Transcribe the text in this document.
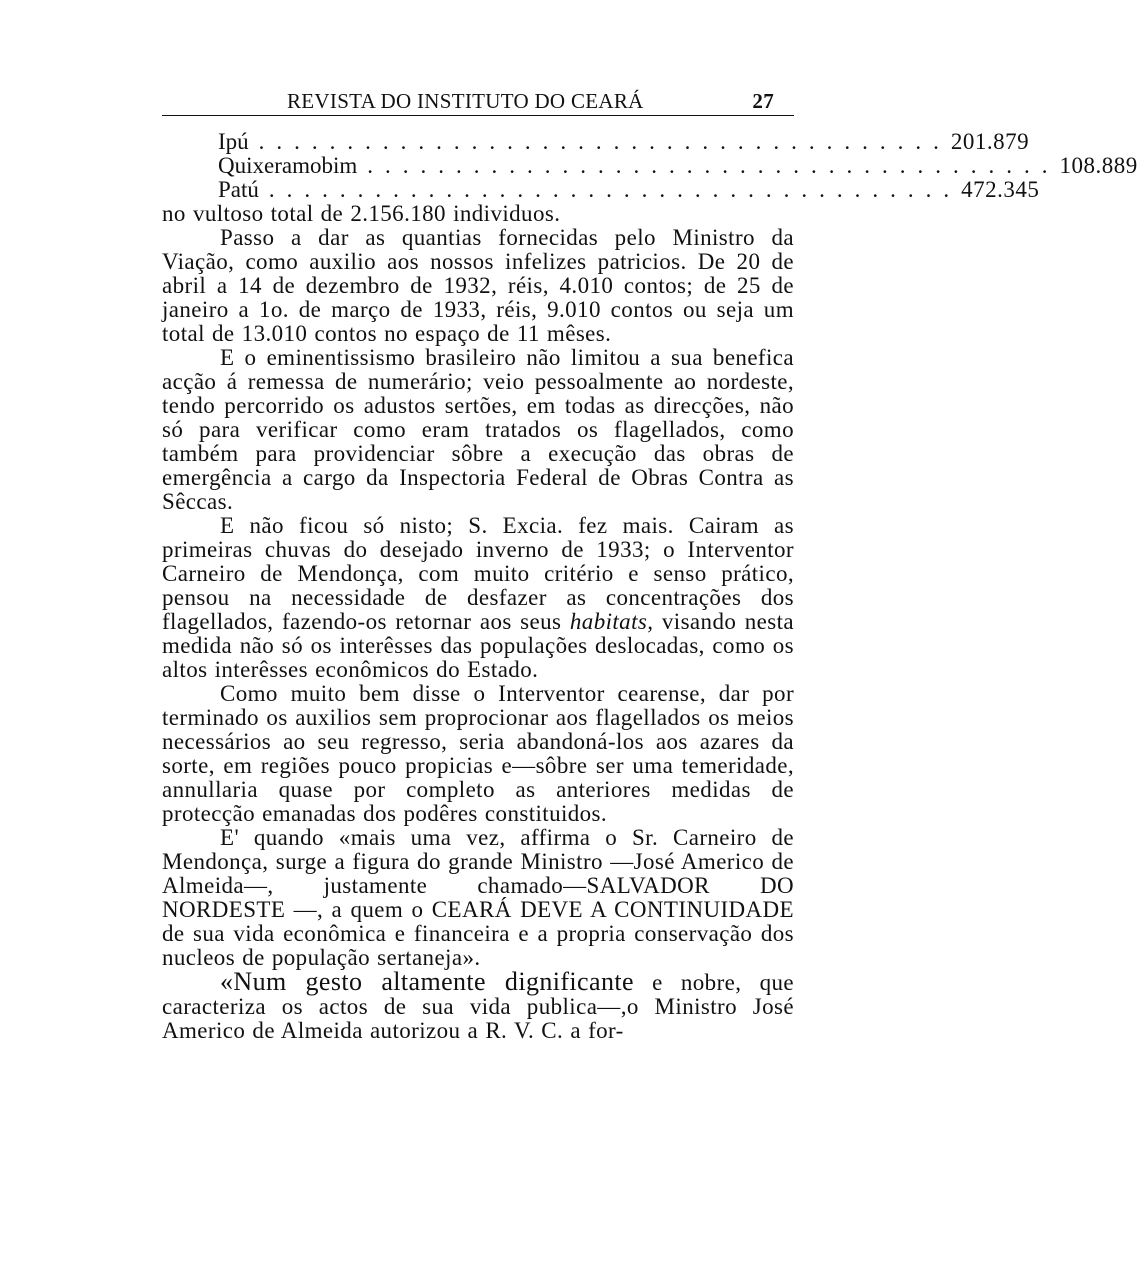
REVISTA DO INSTITUTO DO CEARÁ	27
Ipú ....................................... 201.879
Quixeramobim ....................................... 108.889
Patú ....................................... 472.345

no vultoso total de 2.156.180 individuos.

Passo a dar as quantias fornecidas pelo Ministro da Viação, como auxilio aos nossos infelizes patricios. De 20 de abril a 14 de dezembro de 1932, réis, 4.010 contos; de 25 de janeiro a 1o. de março de 1933, réis, 9.010 contos ou seja um total de 13.010 contos no espaço de 11 mêses.

E o eminentissismo brasileiro não limitou a sua benefica acção á remessa de numerário; veio pessoalmente ao nordeste, tendo percorrido os adustos sertões, em todas as direcções, não só para verificar como eram tratados os flagellados, como também para providenciar sôbre a execução das obras de emergência a cargo da Inspectoria Federal de Obras Contra as Sêccas.

E não ficou só nisto; S. Excia. fez mais. Cairam as primeiras chuvas do desejado inverno de 1933; o Interventor Carneiro de Mendonça, com muito critério e senso prático, pensou na necessidade de desfazer as concentrações dos flagellados, fazendo-os retornar aos seus habitats, visando nesta medida não só os interêsses das populações deslocadas, como os altos interêsses econômicos do Estado.

Como muito bem disse o Interventor cearense, dar por terminado os auxilios sem proprocionar aos flagellados os meios necessários ao seu regresso, seria abandoná-los aos azares da sorte, em regiões pouco propicias e—sôbre ser uma temeridade, annullaria quase por completo as anteriores medidas de protecção emanadas dos podêres constituidos.

E' quando «mais uma vez, affirma o Sr. Carneiro de Mendonça, surge a figura do grande Ministro —José Americo de Almeida—, justamente chamado—SALVADOR DO NORDESTE —, a quem o CEARÁ DEVE A CONTINUIDADE de sua vida econômica e financeira e a propria conservação dos nucleos de população sertaneja».

«Num gesto altamente dignificante e nobre, que caracteriza os actos de sua vida publica—,o Ministro José Americo de Almeida autorizou a R. V. C. a for-
